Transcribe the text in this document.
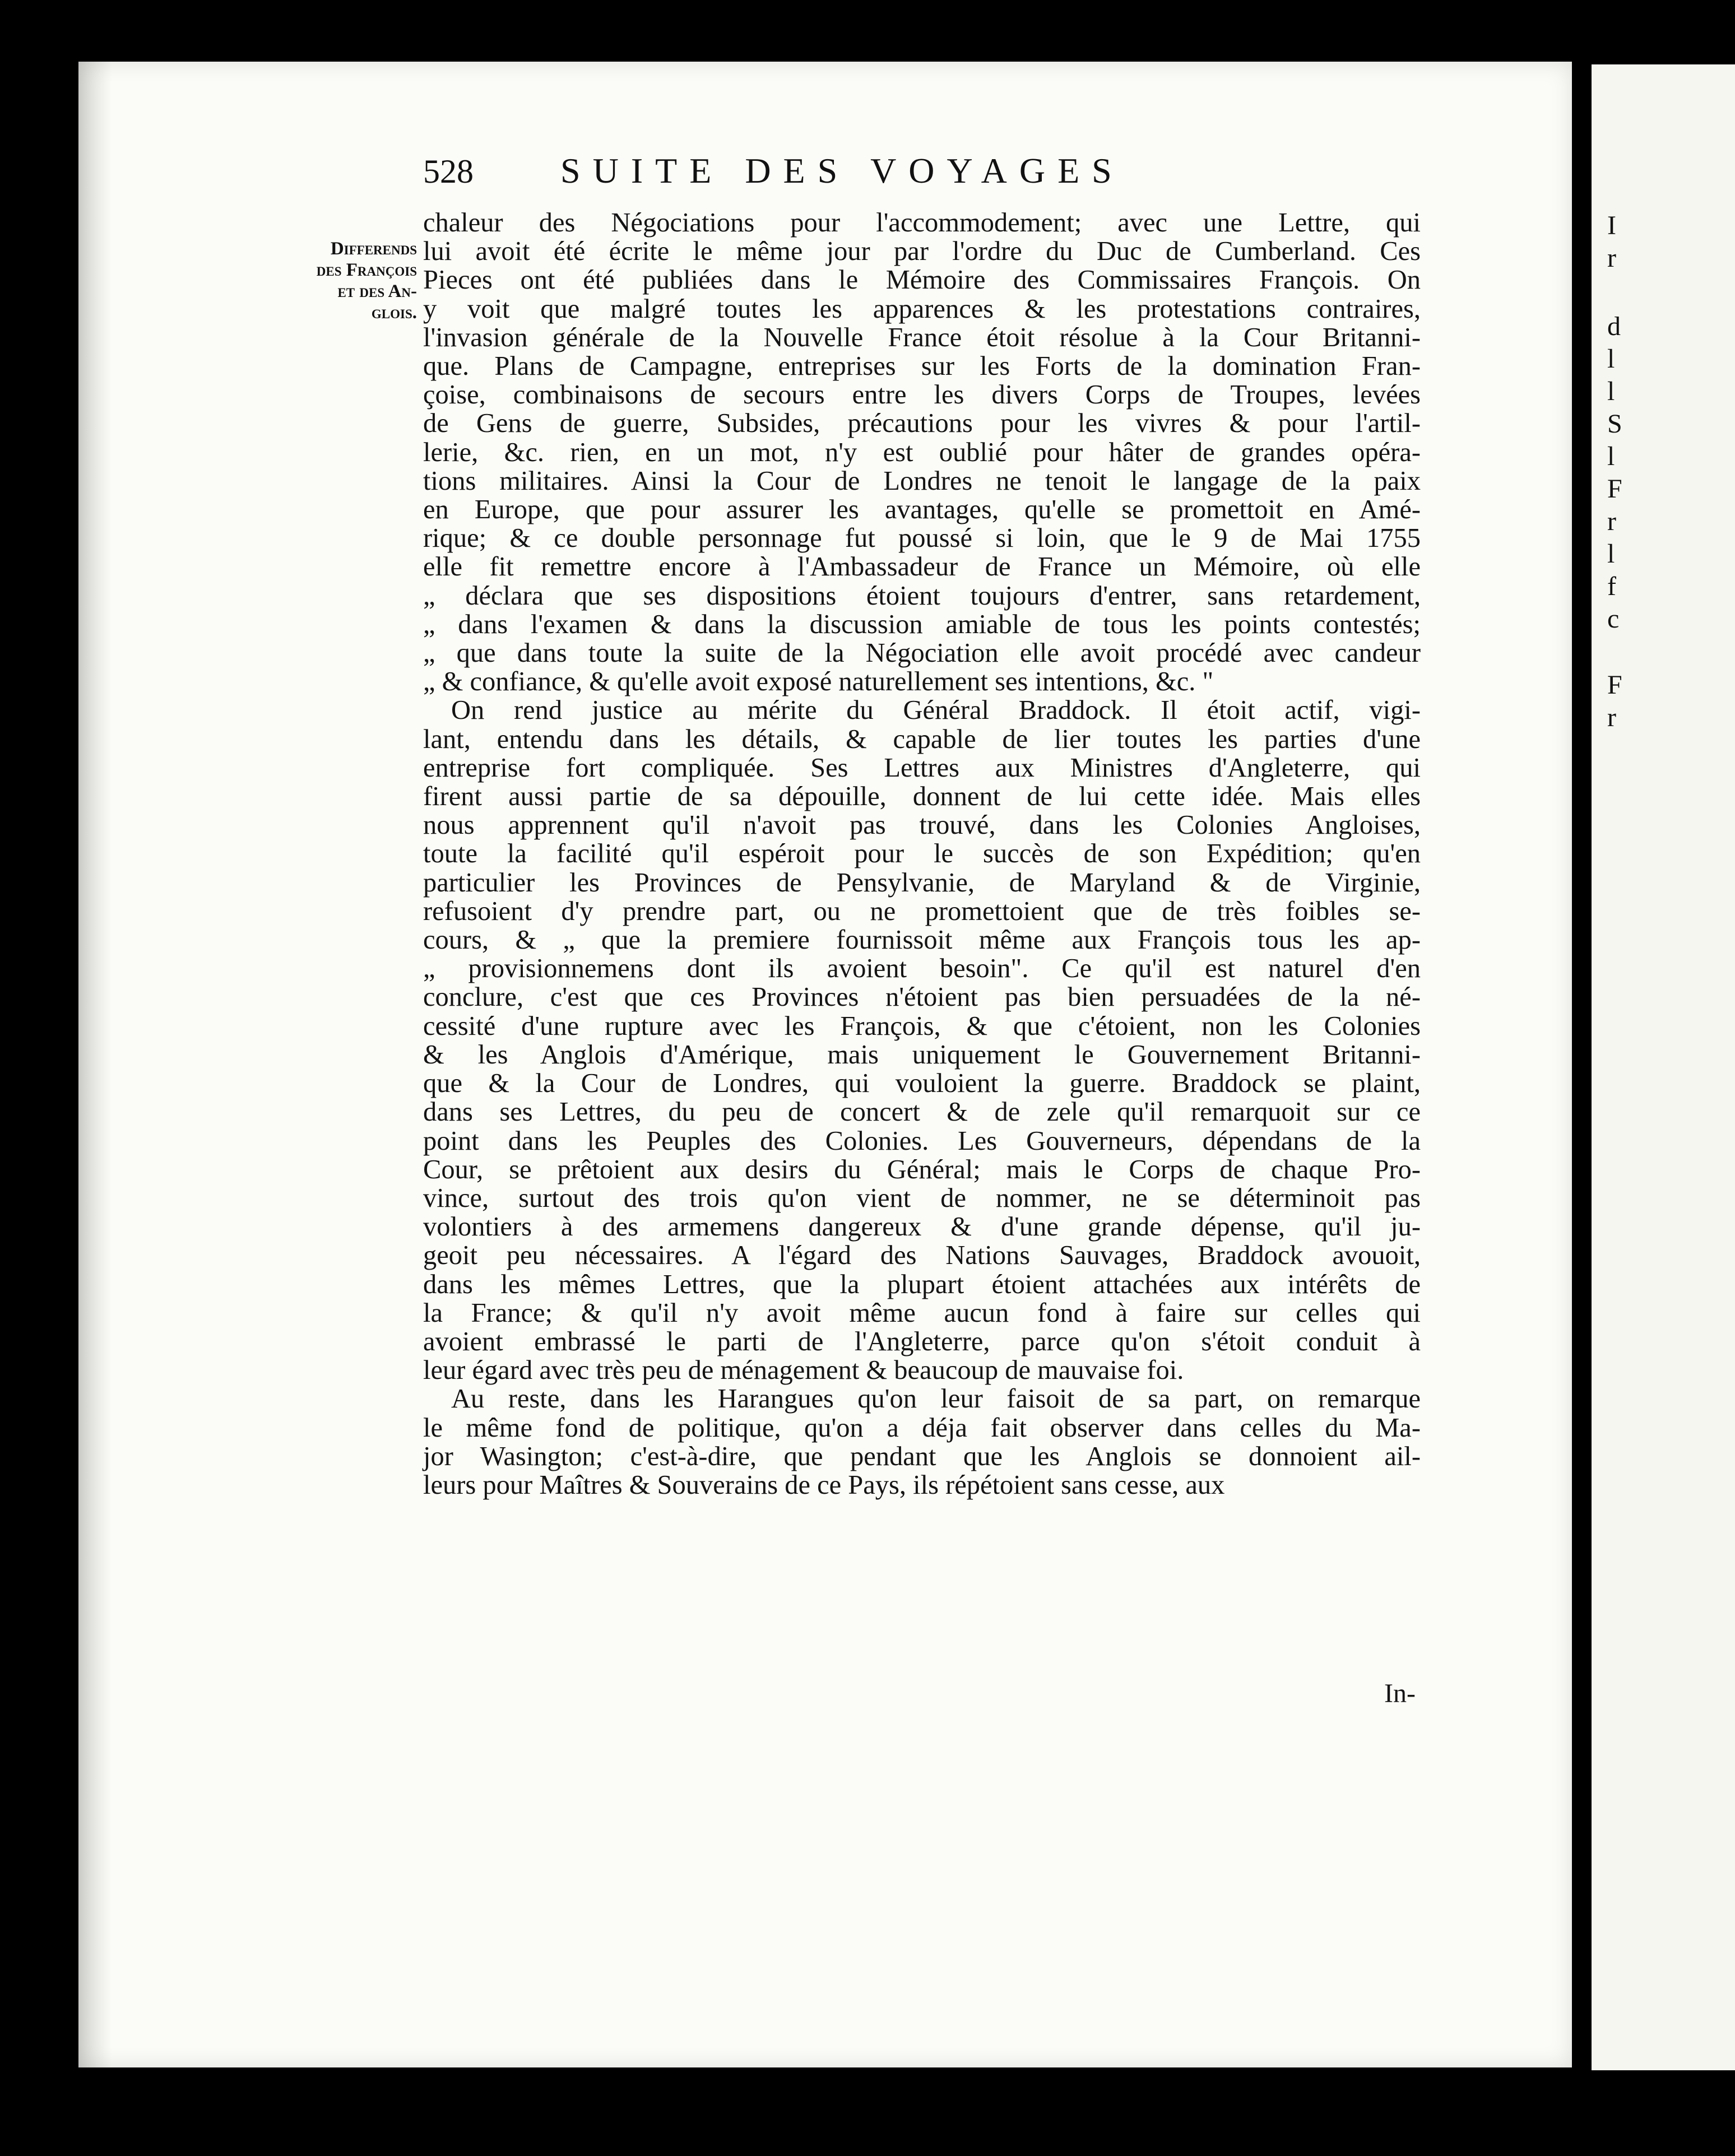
I
r
d
l
l
S
l
F
r
l
f
c
F
r
528 SUITE DES VOYAGES
Differends
des François
et des An-
glois.
chaleur des Négociations pour l'accommodement; avec une Lettre, qui
lui avoit été écrite le même jour par l'ordre du Duc de Cumberland. Ces
Pieces ont été publiées dans le Mémoire des Commissaires François. On
y voit que malgré toutes les apparences & les protestations contraires,
l'invasion générale de la Nouvelle France étoit résolue à la Cour Britanni-
que. Plans de Campagne, entreprises sur les Forts de la domination Fran-
çoise, combinaisons de secours entre les divers Corps de Troupes, levées
de Gens de guerre, Subsides, précautions pour les vivres & pour l'artil-
lerie, &c. rien, en un mot, n'y est oublié pour hâter de grandes opéra-
tions militaires. Ainsi la Cour de Londres ne tenoit le langage de la paix
en Europe, que pour assurer les avantages, qu'elle se promettoit en Amé-
rique; & ce double personnage fut poussé si loin, que le 9 de Mai 1755
elle fit remettre encore à l'Ambassadeur de France un Mémoire, où elle
„ déclara que ses dispositions étoient toujours d'entrer, sans retardement,
„ dans l'examen & dans la discussion amiable de tous les points contestés;
„ que dans toute la suite de la Négociation elle avoit procédé avec candeur
„ & confiance, & qu'elle avoit exposé naturellement ses intentions, &c. "
On rend justice au mérite du Général Braddock. Il étoit actif, vigi-
lant, entendu dans les détails, & capable de lier toutes les parties d'une
entreprise fort compliquée. Ses Lettres aux Ministres d'Angleterre, qui
firent aussi partie de sa dépouille, donnent de lui cette idée. Mais elles
nous apprennent qu'il n'avoit pas trouvé, dans les Colonies Angloises,
toute la facilité qu'il espéroit pour le succès de son Expédition; qu'en
particulier les Provinces de Pensylvanie, de Maryland & de Virginie,
refusoient d'y prendre part, ou ne promettoient que de très foibles se-
cours, & „ que la premiere fournissoit même aux François tous les ap-
„ provisionnemens dont ils avoient besoin". Ce qu'il est naturel d'en
conclure, c'est que ces Provinces n'étoient pas bien persuadées de la né-
cessité d'une rupture avec les François, & que c'étoient, non les Colonies
& les Anglois d'Amérique, mais uniquement le Gouvernement Britanni-
que & la Cour de Londres, qui vouloient la guerre. Braddock se plaint,
dans ses Lettres, du peu de concert & de zele qu'il remarquoit sur ce
point dans les Peuples des Colonies. Les Gouverneurs, dépendans de la
Cour, se prêtoient aux desirs du Général; mais le Corps de chaque Pro-
vince, surtout des trois qu'on vient de nommer, ne se déterminoit pas
volontiers à des armemens dangereux & d'une grande dépense, qu'il ju-
geoit peu nécessaires. A l'égard des Nations Sauvages, Braddock avouoit,
dans les mêmes Lettres, que la plupart étoient attachées aux intérêts de
la France; & qu'il n'y avoit même aucun fond à faire sur celles qui
avoient embrassé le parti de l'Angleterre, parce qu'on s'étoit conduit à
leur égard avec très peu de ménagement & beaucoup de mauvaise foi.
Au reste, dans les Harangues qu'on leur faisoit de sa part, on remarque
le même fond de politique, qu'on a déja fait observer dans celles du Ma-
jor Wasington; c'est-à-dire, que pendant que les Anglois se donnoient ail-
leurs pour Maîtres & Souverains de ce Pays, ils répétoient sans cesse, aux
In-
